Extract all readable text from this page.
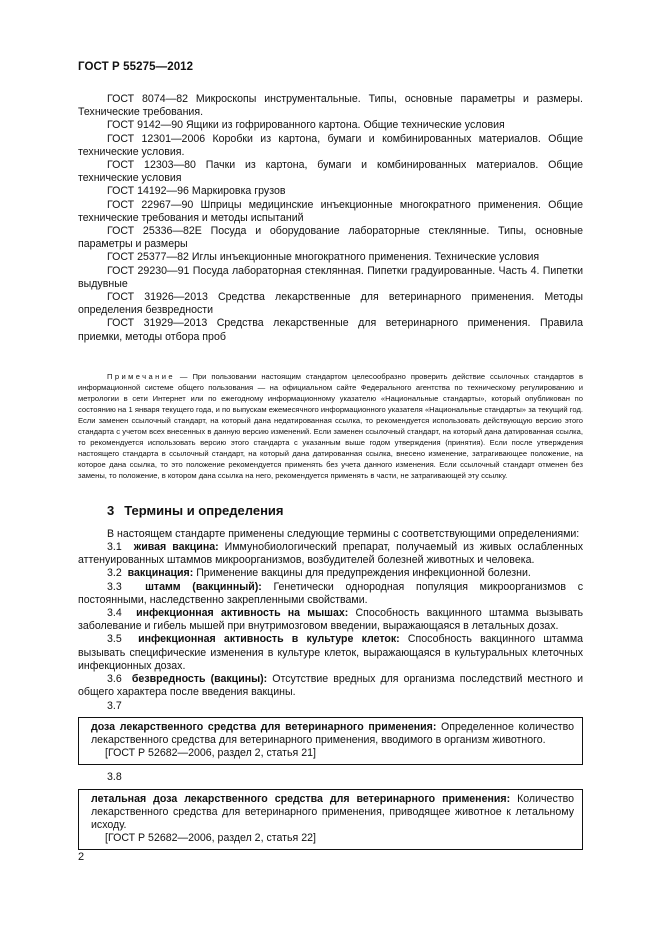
ГОСТ Р 55275—2012

ГОСТ 8074—82 Микроскопы инструментальные. Типы, основные параметры и размеры. Технические требования.

ГОСТ 9142—90 Ящики из гофрированного картона. Общие технические условия

ГОСТ 12301—2006 Коробки из картона, бумаги и комбинированных материалов. Общие технические условия.

ГОСТ 12303—80 Пачки из картона, бумаги и комбинированных материалов. Общие технические условия

ГОСТ 14192—96 Маркировка грузов

ГОСТ 22967—90 Шприцы медицинские инъекционные многократного применения. Общие технические требования и методы испытаний

ГОСТ 25336—82Е Посуда и оборудование лабораторные стеклянные. Типы, основные параметры и размеры

ГОСТ 25377—82 Иглы инъекционные многократного применения. Технические условия

ГОСТ 29230—91 Посуда лабораторная стеклянная. Пипетки градуированные. Часть 4. Пипетки выдувные

ГОСТ 31926—2013 Средства лекарственные для ветеринарного применения. Методы определения безвредности

ГОСТ 31929—2013 Средства лекарственные для ветеринарного применения. Правила приемки, методы отбора проб

Примечание — При пользовании настоящим стандартом целесообразно проверить действие ссылочных стандартов в информационной системе общего пользования — на официальном сайте Федерального агентства по техническому регулированию и метрологии в сети Интернет или по ежегодному информационному указателю «Национальные стандарты», который опубликован по состоянию на 1 января текущего года, и по выпускам ежемесячного информационного указателя «Национальные стандарты» за текущий год. Если заменен ссылочный стандарт, на который дана недатированная ссылка, то рекомендуется использовать действующую версию этого стандарта с учетом всех внесенных в данную версию изменений. Если заменен ссылочный стандарт, на который дана датированная ссылка, то рекомендуется использовать версию этого стандарта с указанным выше годом утверждения (принятия). Если после утверждения настоящего стандарта в ссылочный стандарт, на который дана датированная ссылка, внесено изменение, затрагивающее положение, на которое дана ссылка, то это положение рекомендуется применять без учета данного изменения. Если ссылочный стандарт отменен без замены, то положение, в котором дана ссылка на него, рекомендуется применять в части, не затрагивающей эту ссылку.

3 Термины и определения

В настоящем стандарте применены следующие термины с соответствующими определениями:

3.1 живая вакцина: Иммунобиологический препарат, получаемый из живых ослабленных аттенуированных штаммов микроорганизмов, возбудителей болезней животных и человека.

3.2 вакцинация: Применение вакцины для предупреждения инфекционной болезни.

3.3 штамм (вакцинный): Генетически однородная популяция микроорганизмов с постоянными, наследственно закрепленными свойствами.

3.4 инфекционная активность на мышах: Способность вакцинного штамма вызывать заболевание и гибель мышей при внутримозговом введении, выражающаяся в летальных дозах.

3.5 инфекционная активность в культуре клеток: Способность вакцинного штамма вызывать специфические изменения в культуре клеток, выражающаяся в культуральных клеточных инфекционных дозах.

3.6 безвредность (вакцины): Отсутствие вредных для организма последствий местного и общего характера после введения вакцины.

3.7

доза лекарственного средства для ветеринарного применения: Определенное количество лекарственного средства для ветеринарного применения, вводимого в организм животного.

[ГОСТ Р 52682—2006, раздел 2, статья 21]

3.8

летальная доза лекарственного средства для ветеринарного применения: Количество лекарственного средства для ветеринарного применения, приводящее животное к летальному исходу.

[ГОСТ Р 52682—2006, раздел 2, статья 22]

2
